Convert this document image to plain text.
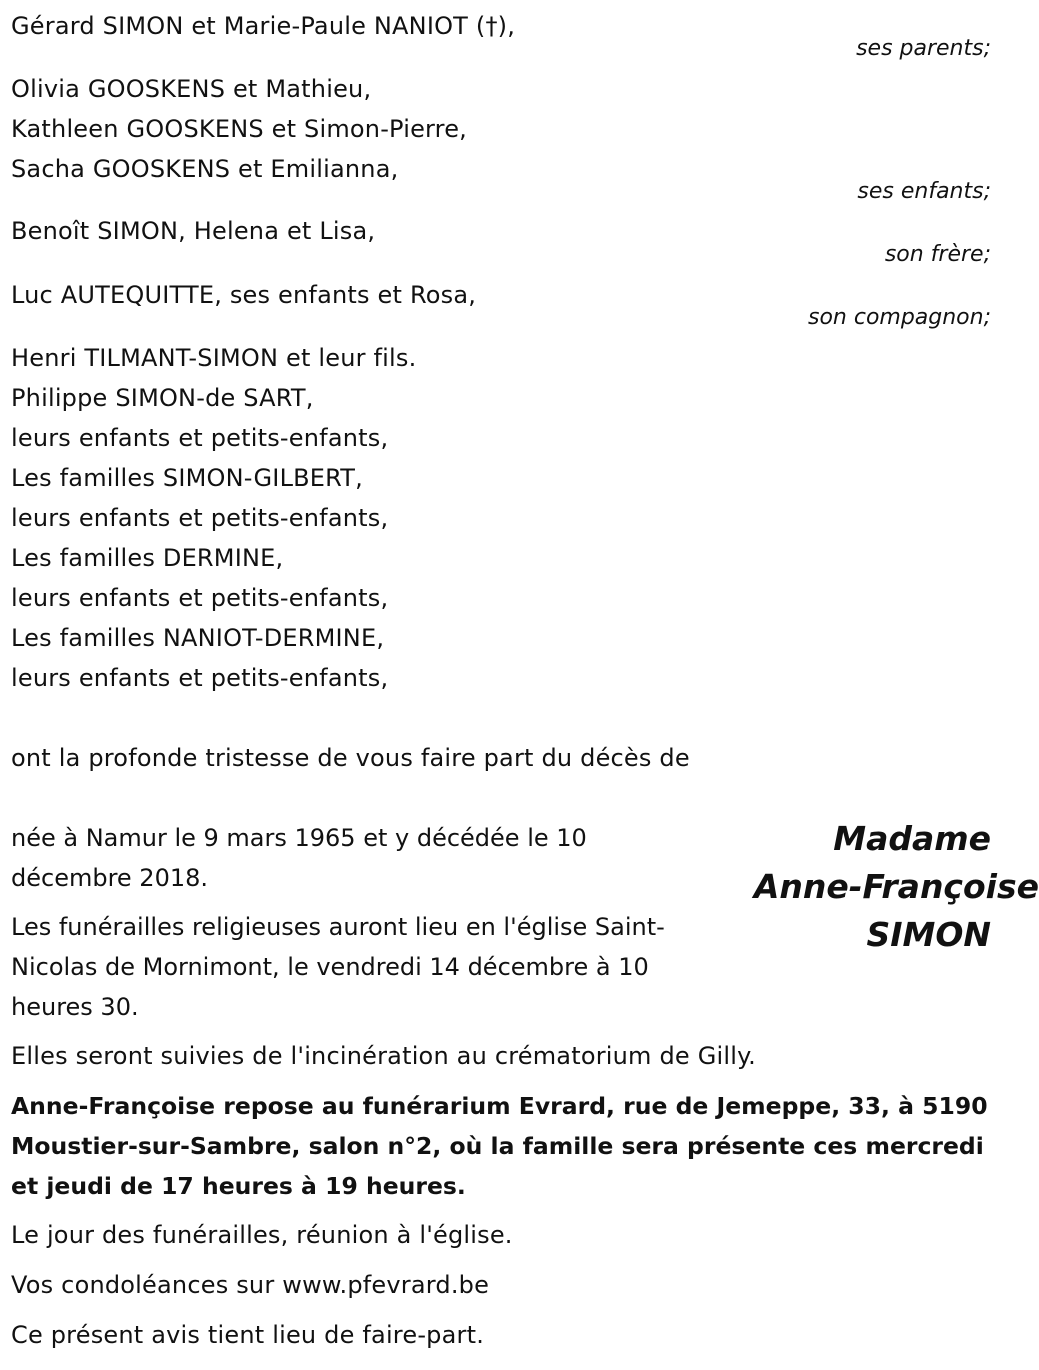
Gérard SIMON et Marie-Paule NANIOT (†),
ses parents;
Olivia GOOSKENS et Mathieu,
Kathleen GOOSKENS et Simon-Pierre,
Sacha GOOSKENS et Emilianna,
ses enfants;
Benoît SIMON, Helena et Lisa,
son frère;
Luc AUTEQUITTE, ses enfants et Rosa,
son compagnon;
Henri TILMANT-SIMON et leur fils.
Philippe SIMON-de SART,
leurs enfants et petits-enfants,
Les familles SIMON-GILBERT,
leurs enfants et petits-enfants,
Les familles DERMINE,
leurs enfants et petits-enfants,
Les familles NANIOT-DERMINE,
leurs enfants et petits-enfants,
ont la profonde tristesse de vous faire part du décès de
Madame
Anne-Françoise
SIMON
née à Namur le 9 mars 1965 et y décédée le 10 décembre 2018.
Les funérailles religieuses auront lieu en l'église Saint-Nicolas de Mornimont, le vendredi 14 décembre à 10 heures 30.
Elles seront suivies de l'incinération au crématorium de Gilly.
Anne-Françoise repose au funérarium Evrard, rue de Jemeppe, 33, à 5190 Moustier-sur-Sambre, salon n°2, où la famille sera présente ces mercredi et jeudi de 17 heures à 19 heures.
Le jour des funérailles, réunion à l'église.
Vos condoléances sur www.pfevrard.be
Ce présent avis tient lieu de faire-part.
